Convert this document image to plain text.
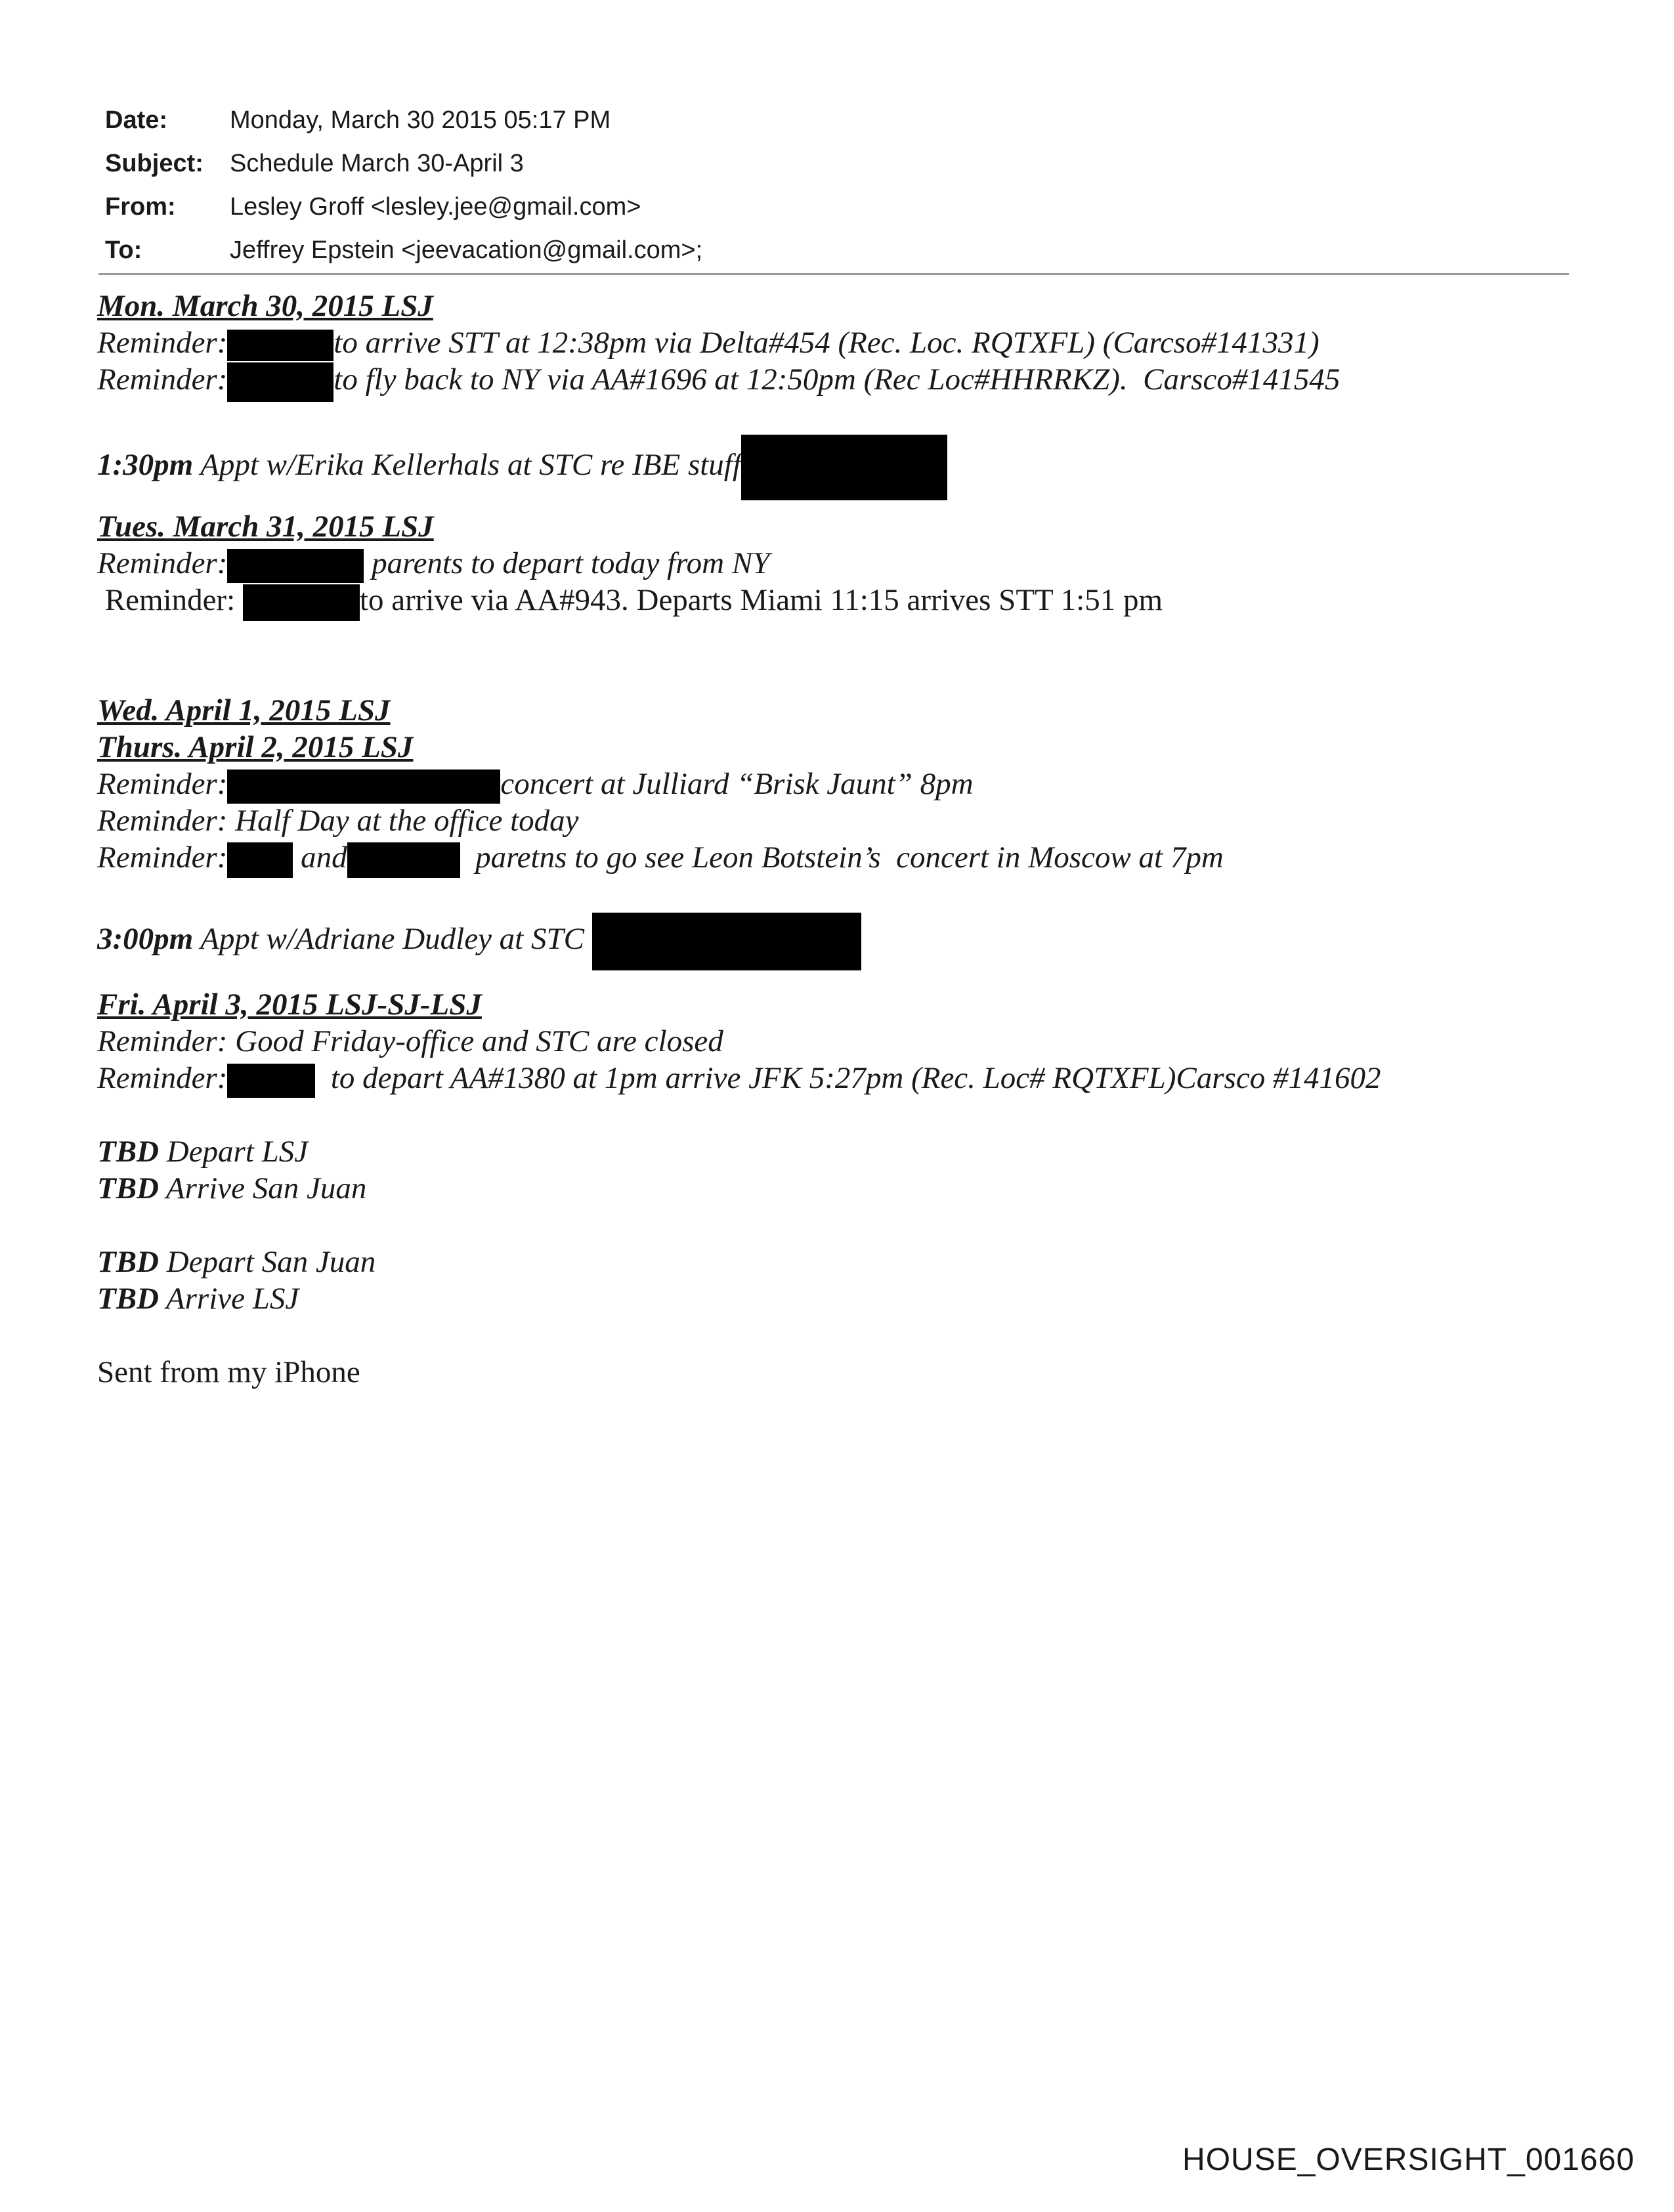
Date:	Monday, March 30 2015 05:17 PM
Subject:	Schedule March 30-April 3
From:	Lesley Groff <lesley.jee@gmail.com>
To:	Jeffrey Epstein <jeevacation@gmail.com>;
Mon. March 30, 2015 LSJ
Reminder:	to arrive STT at 12:38pm via Delta#454 (Rec. Loc. RQTXFL) (Carcso#141331)
Reminder:	to fly back to NY via AA#1696 at 12:50pm (Rec Loc#HHRRKZ).  Carsco#141545
1:30pm Appt w/Erika Kellerhals at STC re IBE stuff
Tues. March 31, 2015 LSJ
Reminder:	parents to depart today from NY
Reminder:	to arrive via AA#943. Departs Miami 11:15 arrives STT 1:51 pm
Wed. April 1, 2015 LSJ
Thurs. April 2, 2015 LSJ
Reminder:	concert at Julliard “Brisk Jaunt” 8pm
Reminder: Half Day at the office today
Reminder: and	paretns to go see Leon Botstein’s  concert in Moscow at 7pm
3:00pm Appt w/Adriane Dudley at STC
Fri. April 3, 2015 LSJ-SJ-LSJ
Reminder: Good Friday-office and STC are closed
Reminder:	to depart AA#1380 at 1pm arrive JFK 5:27pm (Rec. Loc# RQTXFL)Carsco #141602
TBD Depart LSJ
TBD Arrive San Juan
TBD Depart San Juan
TBD Arrive LSJ
Sent from my iPhone
HOUSE_OVERSIGHT_001660
